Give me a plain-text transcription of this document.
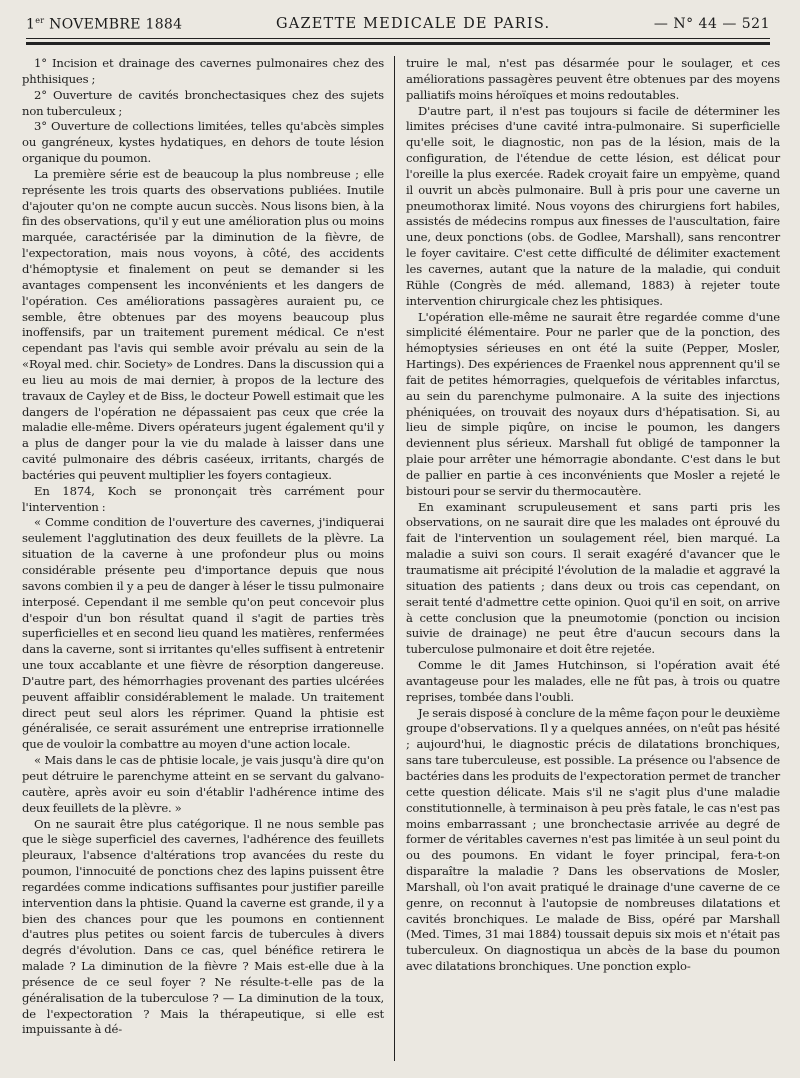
1er NOVEMBRE 1884	GAZETTE MEDICALE DE PARIS.	— N° 44 — 521

1° Incision et drainage des cavernes pulmonaires chez des phthisiques ;

2° Ouverture de cavités bronchectasiques chez des sujets non tuberculeux ;

3° Ouverture de collections limitées, telles qu'abcès simples ou gangréneux, kystes hydatiques, en dehors de toute lésion organique du poumon.

La première série est de beaucoup la plus nombreuse ; elle représente les trois quarts des observations publiées. Inutile d'ajouter qu'on ne compte aucun succès. Nous lisons bien, à la fin des observations, qu'il y eut une amélioration plus ou moins marquée, caractérisée par la diminution de la fièvre, de l'expectoration, mais nous voyons, à côté, des accidents d'hémoptysie et finalement on peut se demander si les avantages compensent les inconvénients et les dangers de l'opération. Ces améliorations passagères auraient pu, ce semble, être obtenues par des moyens beaucoup plus inoffensifs, par un traitement purement médical. Ce n'est cependant pas l'avis qui semble avoir prévalu au sein de la «Royal med. chir. Society» de Londres. Dans la discussion qui a eu lieu au mois de mai dernier, à propos de la lecture des travaux de Cayley et de Biss, le docteur Powell estimait que les dangers de l'opération ne dépassaient pas ceux que crée la maladie elle-même. Divers opérateurs jugent également qu'il y a plus de danger pour la vie du malade à laisser dans une cavité pulmonaire des débris caséeux, irritants, chargés de bactéries qui peuvent multiplier les foyers contagieux.

En 1874, Koch se prononçait très carrément pour l'intervention :

« Comme condition de l'ouverture des cavernes, j'indiquerai seulement l'agglutination des deux feuillets de la plèvre. La situation de la caverne à une profondeur plus ou moins considérable présente peu d'importance depuis que nous savons combien il y a peu de danger à léser le tissu pulmonaire interposé. Cependant il me semble qu'on peut concevoir plus d'espoir d'un bon résultat quand il s'agit de parties très superficielles et en second lieu quand les matières, renfermées dans la caverne, sont si irritantes qu'elles suffisent à entretenir une toux accablante et une fièvre de résorption dangereuse. D'autre part, des hémorrhagies provenant des parties ulcérées peuvent affaiblir considérablement le malade. Un traitement direct peut seul alors les réprimer. Quand la phtisie est généralisée, ce serait assurément une entreprise irrationnelle que de vouloir la combattre au moyen d'une action locale.

« Mais dans le cas de phtisie locale, je vais jusqu'à dire qu'on peut détruire le parenchyme atteint en se servant du galvano-cautère, après avoir eu soin d'établir l'adhérence intime des deux feuillets de la plèvre. »

On ne saurait être plus catégorique. Il ne nous semble pas que le siège superficiel des cavernes, l'adhérence des feuillets pleuraux, l'absence d'altérations trop avancées du reste du poumon, l'innocuité de ponctions chez des lapins puissent être regardées comme indications suffisantes pour justifier pareille intervention dans la phtisie. Quand la caverne est grande, il y a bien des chances pour que les poumons en contiennent d'autres plus petites ou soient farcis de tubercules à divers degrés d'évolution. Dans ce cas, quel bénéfice retirera le malade ? La diminution de la fièvre ? Mais est-elle due à la présence de ce seul foyer ? Ne résulte-t-elle pas de la généralisation de la tuberculose ? — La diminution de la toux, de l'expectoration ? Mais la thérapeutique, si elle est impuissante à dé-

truire le mal, n'est pas désarmée pour le soulager, et ces améliorations passagères peuvent être obtenues par des moyens palliatifs moins héroïques et moins redoutables.

D'autre part, il n'est pas toujours si facile de déterminer les limites précises d'une cavité intra-pulmonaire. Si superficielle qu'elle soit, le diagnostic, non pas de la lésion, mais de la configuration, de l'étendue de cette lésion, est délicat pour l'oreille la plus exercée. Radek croyait faire un empyème, quand il ouvrit un abcès pulmonaire. Bull à pris pour une caverne un pneumothorax limité. Nous voyons des chirurgiens fort habiles, assistés de médecins rompus aux finesses de l'auscultation, faire une, deux ponctions (obs. de Godlee, Marshall), sans rencontrer le foyer cavitaire. C'est cette difficulté de délimiter exactement les cavernes, autant que la nature de la maladie, qui conduit Rühle (Congrès de méd. allemand, 1883) à rejeter toute intervention chirurgicale chez les phtisiques.

L'opération elle-même ne saurait être regardée comme d'une simplicité élémentaire. Pour ne parler que de la ponction, des hémoptysies sérieuses en ont été la suite (Pepper, Mosler, Hartings). Des expériences de Fraenkel nous apprennent qu'il se fait de petites hémorragies, quelquefois de véritables infarctus, au sein du parenchyme pulmonaire. A la suite des injections phéniquées, on trouvait des noyaux durs d'hépatisation. Si, au lieu de simple piqûre, on incise le poumon, les dangers deviennent plus sérieux. Marshall fut obligé de tamponner la plaie pour arrêter une hémorragie abondante. C'est dans le but de pallier en partie à ces inconvénients que Mosler a rejeté le bistouri pour se servir du thermocautère.

En examinant scrupuleusement et sans parti pris les observations, on ne saurait dire que les malades ont éprouvé du fait de l'intervention un soulagement réel, bien marqué. La maladie a suivi son cours. Il serait exagéré d'avancer que le traumatisme ait précipité l'évolution de la maladie et aggravé la situation des patients ; dans deux ou trois cas cependant, on serait tenté d'admettre cette opinion. Quoi qu'il en soit, on arrive à cette conclusion que la pneumotomie (ponction ou incision suivie de drainage) ne peut être d'aucun secours dans la tuberculose pulmonaire et doit être rejetée.

Comme le dit James Hutchinson, si l'opération avait été avantageuse pour les malades, elle ne fût pas, à trois ou quatre reprises, tombée dans l'oubli.

Je serais disposé à conclure de la même façon pour le deuxième groupe d'observations. Il y a quelques années, on n'eût pas hésité ; aujourd'hui, le diagnostic précis de dilatations bronchiques, sans tare tuberculeuse, est possible. La présence ou l'absence de bactéries dans les produits de l'expectoration permet de trancher cette question délicate. Mais s'il ne s'agit plus d'une maladie constitutionnelle, à terminaison à peu près fatale, le cas n'est pas moins embarrassant ; une bronchectasie arrivée au degré de former de véritables cavernes n'est pas limitée à un seul point du ou des poumons. En vidant le foyer principal, fera-t-on disparaître la maladie ? Dans les observations de Mosler, Marshall, où l'on avait pratiqué le drainage d'une caverne de ce genre, on reconnut à l'autopsie de nombreuses dilatations et cavités bronchiques. Le malade de Biss, opéré par Marshall (Med. Times, 31 mai 1884) toussait depuis six mois et n'était pas tuberculeux. On diagnostiqua un abcès de la base du poumon avec dilatations bronchiques. Une ponction explo-
